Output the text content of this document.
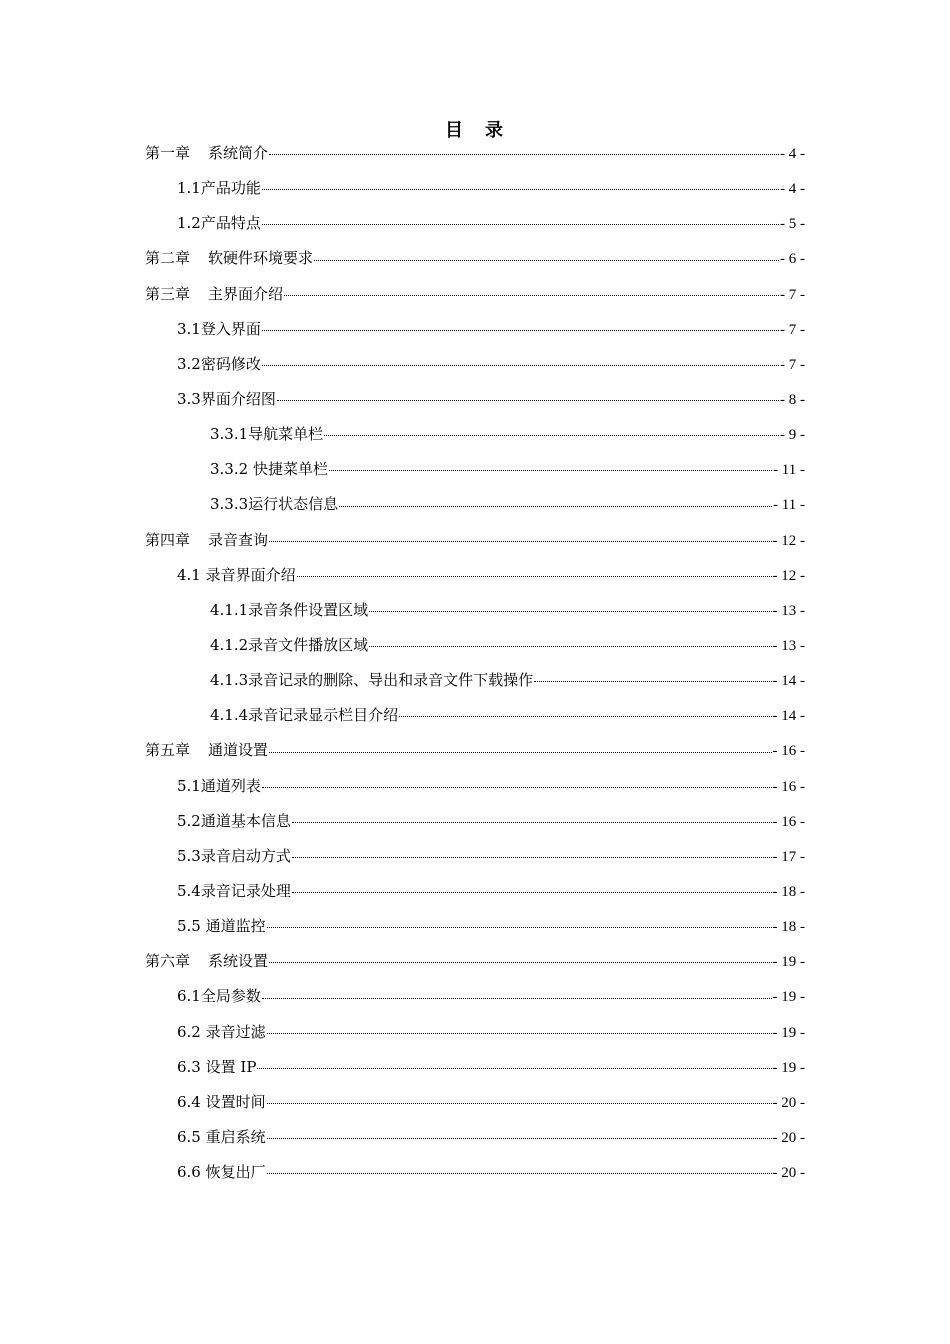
目 录
第一章 系统简介	- 4 -
1.1产品功能	- 4 -
1.2产品特点	- 5 -
第二章 软硬件环境要求	- 6 -
第三章 主界面介绍	- 7 -
3.1登入界面	- 7 -
3.2密码修改	- 7 -
3.3界面介绍图	- 8 -
3.3.1导航菜单栏	- 9 -
3.3.2 快捷菜单栏	- 11 -
3.3.3运行状态信息	- 11 -
第四章 录音查询	- 12 -
4.1 录音界面介绍	- 12 -
4.1.1录音条件设置区域	- 13 -
4.1.2录音文件播放区域	- 13 -
4.1.3录音记录的删除、导出和录音文件下载操作	- 14 -
4.1.4录音记录显示栏目介绍	- 14 -
第五章 通道设置	- 16 -
5.1通道列表	- 16 -
5.2通道基本信息	- 16 -
5.3录音启动方式	- 17 -
5.4录音记录处理	- 18 -
5.5 通道监控	- 18 -
第六章 系统设置	- 19 -
6.1全局参数	- 19 -
6.2 录音过滤	- 19 -
6.3 设置 IP	- 19 -
6.4 设置时间	- 20 -
6.5 重启系统	- 20 -
6.6 恢复出厂	- 20 -
